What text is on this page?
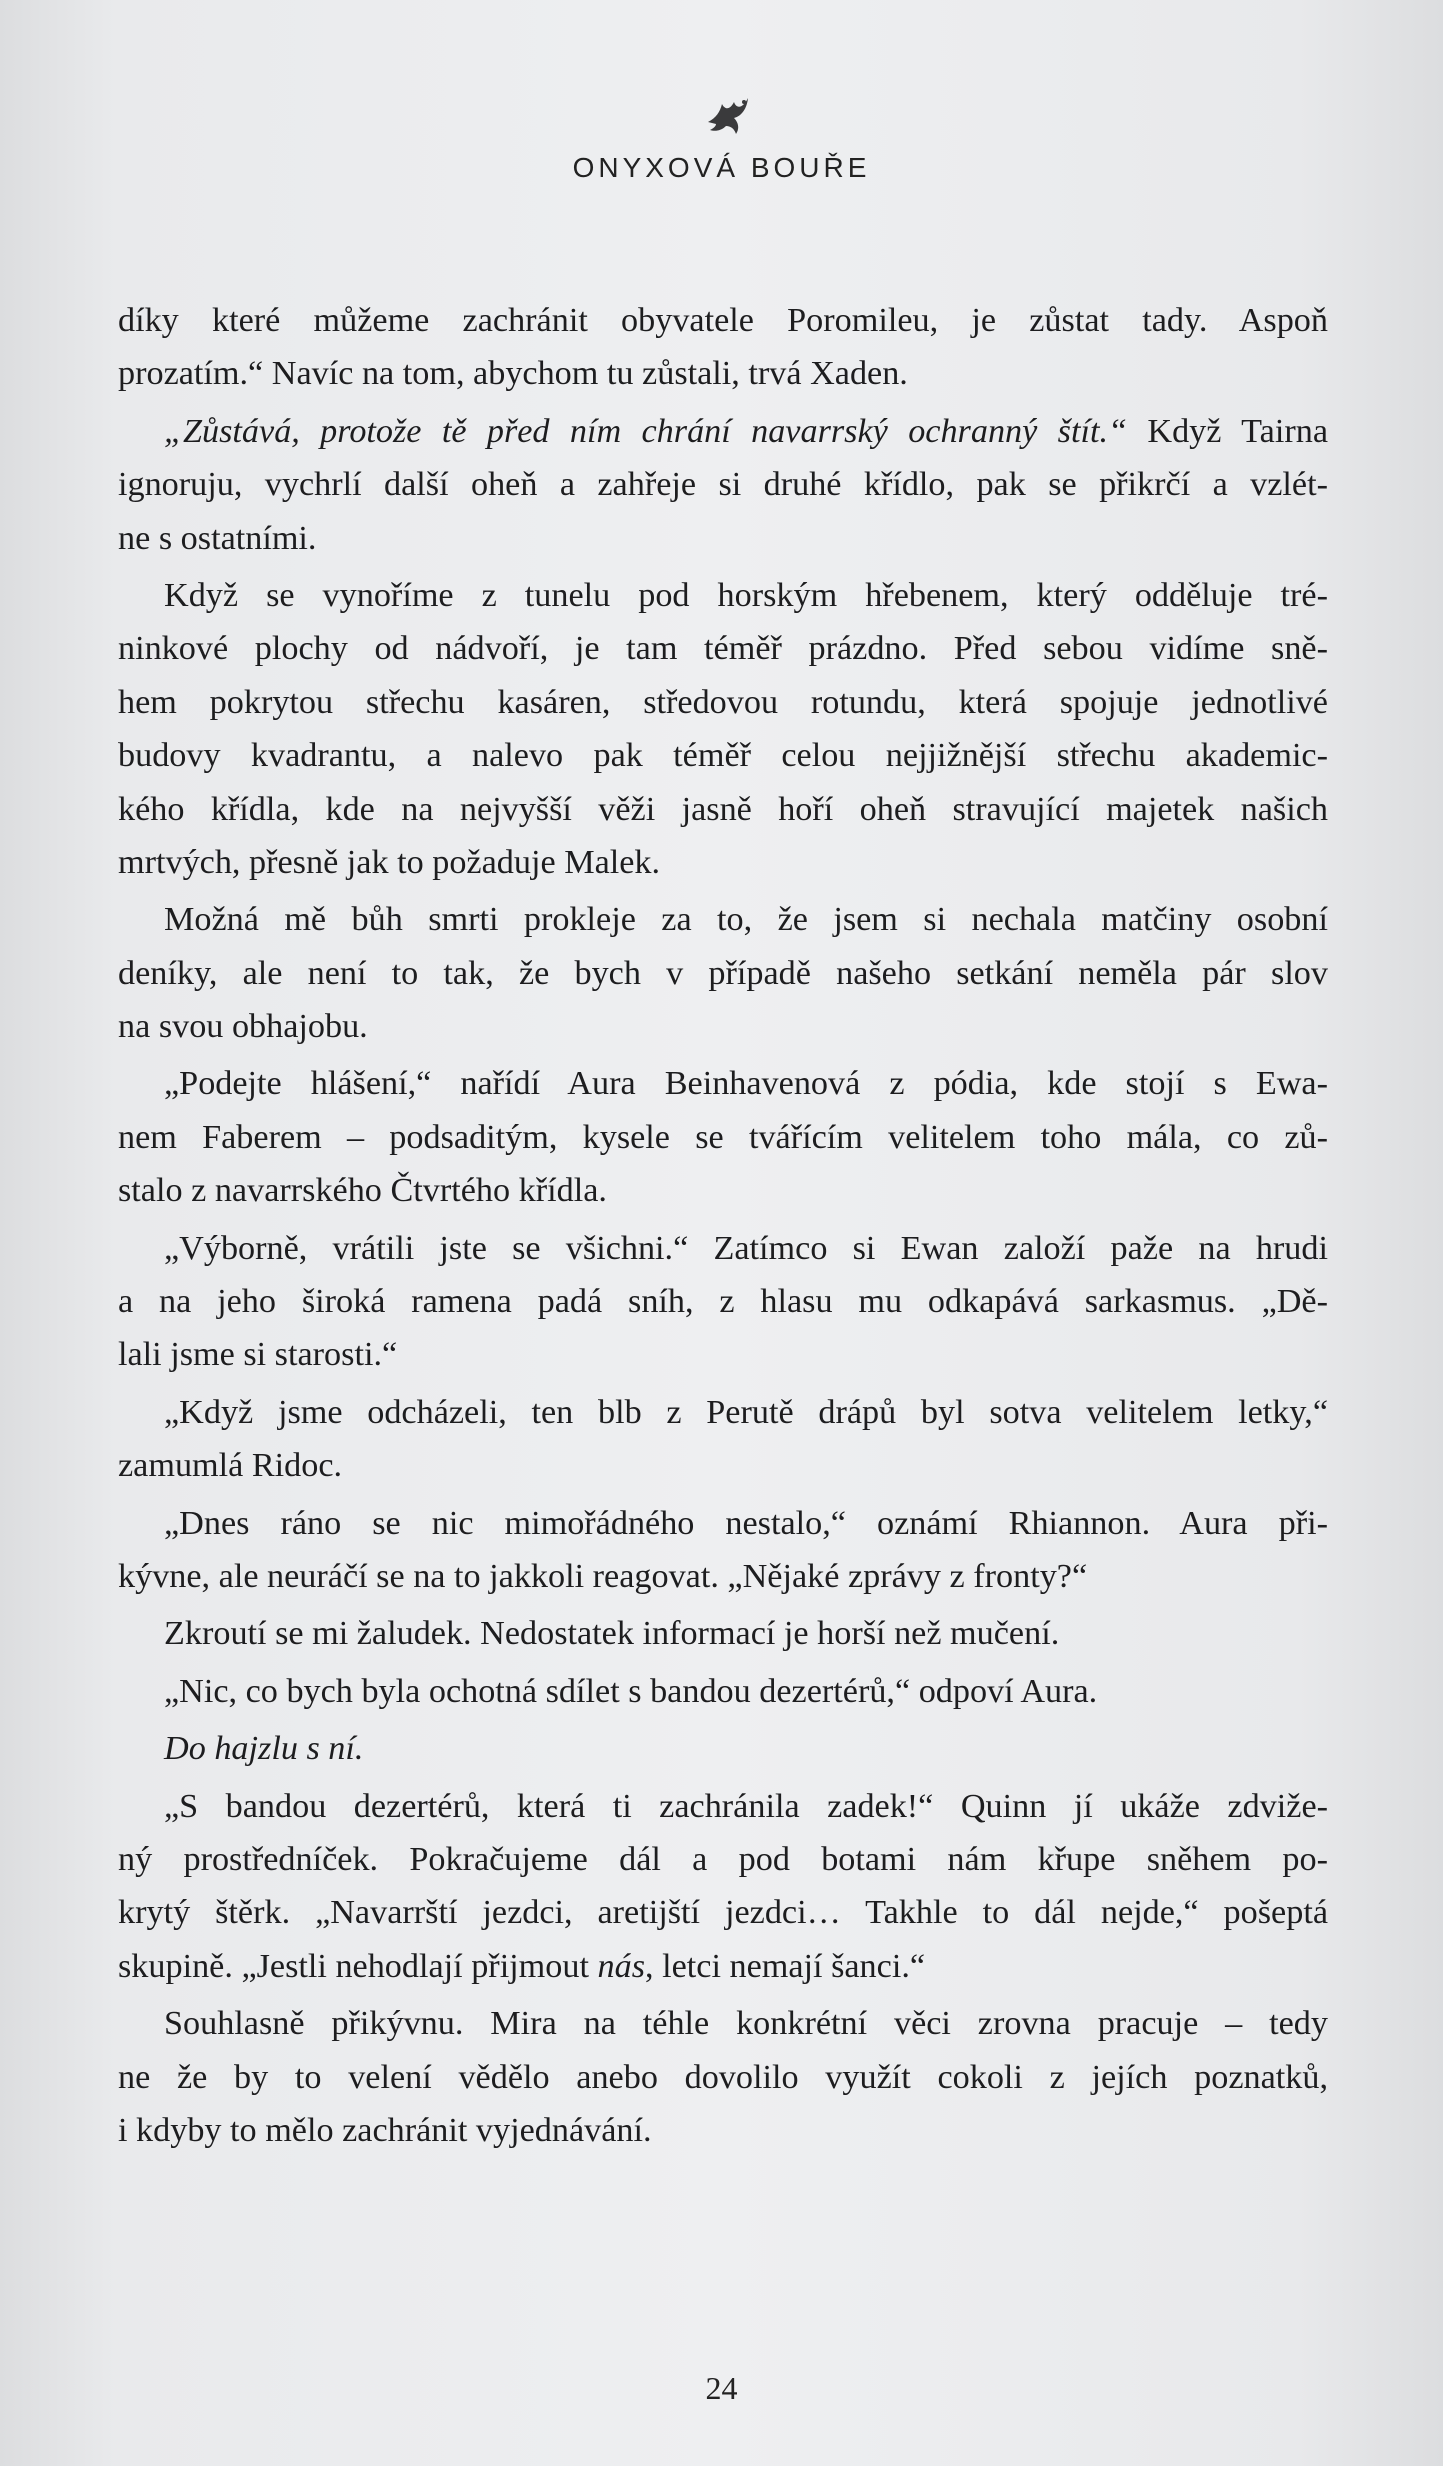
ONYXOVÁ BOUŘE
díky které můžeme zachránit obyvatele Poromileu, je zůstat tady. Aspoň
prozatím.“ Navíc na tom, abychom tu zůstali, trvá Xaden.
„Zůstává, protože tě před ním chrání navarrský ochranný štít.“ Když Tairna
ignoruju, vychrlí další oheň a zahřeje si druhé křídlo, pak se přikrčí a vzlét-
ne s ostatními.
Když se vynoříme z tunelu pod horským hřebenem, který odděluje tré-
ninkové plochy od nádvoří, je tam téměř prázdno. Před sebou vidíme sně-
hem pokrytou střechu kasáren, středovou rotundu, která spojuje jednotlivé
budovy kvadrantu, a nalevo pak téměř celou nejjižnější střechu akademic-
kého křídla, kde na nejvyšší věži jasně hoří oheň stravující majetek našich
mrtvých, přesně jak to požaduje Malek.
Možná mě bůh smrti prokleje za to, že jsem si nechala matčiny osobní
deníky, ale není to tak, že bych v případě našeho setkání neměla pár slov
na svou obhajobu.
„Podejte hlášení,“ nařídí Aura Beinhavenová z pódia, kde stojí s Ewa-
nem Faberem – podsaditým, kysele se tvářícím velitelem toho mála, co zů-
stalo z navarrského Čtvrtého křídla.
„Výborně, vrátili jste se všichni.“ Zatímco si Ewan založí paže na hrudi
a na jeho široká ramena padá sníh, z hlasu mu odkapává sarkasmus. „Dě-
lali jsme si starosti.“
„Když jsme odcházeli, ten blb z Perutě drápů byl sotva velitelem letky,“
zamumlá Ridoc.
„Dnes ráno se nic mimořádného nestalo,“ oznámí Rhiannon. Aura při-
kývne, ale neuráčí se na to jakkoli reagovat. „Nějaké zprávy z fronty?“
Zkroutí se mi žaludek. Nedostatek informací je horší než mučení.
„Nic, co bych byla ochotná sdílet s bandou dezertérů,“ odpoví Aura.
Do hajzlu s ní.
„S bandou dezertérů, která ti zachránila zadek!“ Quinn jí ukáže zdviže-
ný prostředníček. Pokračujeme dál a pod botami nám křupe sněhem po-
krytý štěrk. „Navarrští jezdci, aretijští jezdci… Takhle to dál nejde,“ pošeptá
skupině. „Jestli nehodlají přijmout nás, letci nemají šanci.“
Souhlasně přikývnu. Mira na téhle konkrétní věci zrovna pracuje – tedy
ne že by to velení vědělo anebo dovolilo využít cokoli z jejích poznatků,
i kdyby to mělo zachránit vyjednávání.
24
